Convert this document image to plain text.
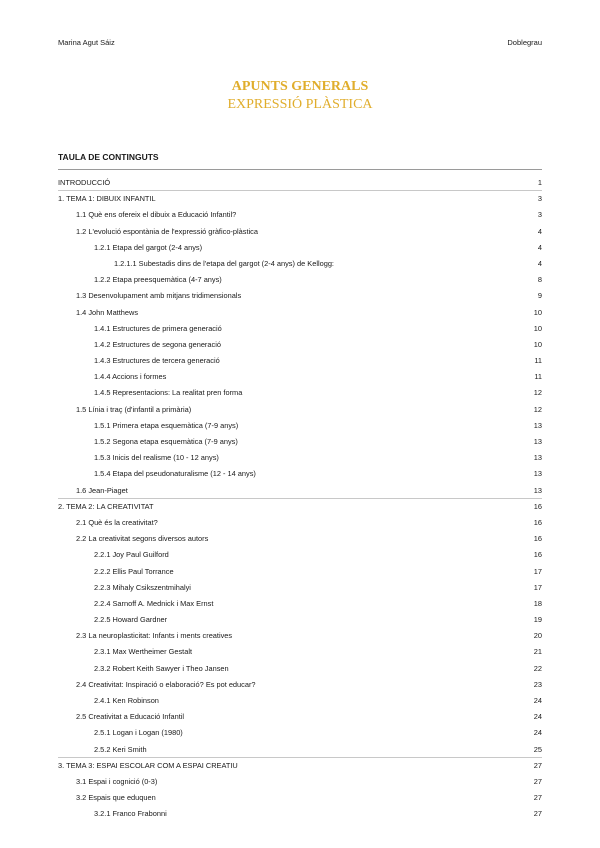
Marina Agut Sáiz	Doblegrau
APUNTS GENERALS
EXPRESSIÓ PLÀSTICA
TAULA DE CONTINGUTS
INTRODUCCIÓ	1
1. TEMA 1: DIBUIX INFANTIL	3
1.1 Què ens ofereix el dibuix a Educació Infantil?	3
1.2 L'evolució espontània de l'expressió gràfico-plàstica	4
1.2.1 Etapa del gargot (2-4 anys)	4
1.2.1.1 Subestadis dins de l'etapa del gargot (2-4 anys) de Kellogg:	4
1.2.2 Etapa preesquemàtica (4-7 anys)	8
1.3 Desenvolupament amb mitjans tridimensionals	9
1.4 John Matthews	10
1.4.1 Estructures de primera generació	10
1.4.2 Estructures de segona generació	10
1.4.3 Estructures de tercera generació	11
1.4.4 Accions i formes	11
1.4.5 Representacions: La realitat pren forma	12
1.5 Línia i traç (d'infantil a primària)	12
1.5.1 Primera etapa esquemàtica (7-9 anys)	13
1.5.2 Segona etapa esquemàtica (7-9 anys)	13
1.5.3 Inicis del realisme (10 - 12 anys)	13
1.5.4 Etapa del pseudonaturalisme (12 - 14 anys)	13
1.6 Jean-Piaget	13
2. TEMA 2: LA CREATIVITAT	16
2.1 Què és la creativitat?	16
2.2 La creativitat segons diversos autors	16
2.2.1 Joy Paul Guilford	16
2.2.2 Ellis Paul Torrance	17
2.2.3 Mihaly Csikszentmihalyi	17
2.2.4 Sarnoff A. Mednick i Max Ernst	18
2.2.5 Howard Gardner	19
2.3 La neuroplasticitat: Infants i ments creatives	20
2.3.1 Max Wertheimer Gestalt	21
2.3.2 Robert Keith Sawyer i Theo Jansen	22
2.4 Creativitat: Inspiració o elaboració? Es pot educar?	23
2.4.1 Ken Robinson	24
2.5 Creativitat a Educació Infantil	24
2.5.1 Logan i Logan (1980)	24
2.5.2 Keri Smith	25
3. TEMA 3: ESPAI ESCOLAR COM A ESPAI CREATIU	27
3.1 Espai i cognició (0-3)	27
3.2 Espais que eduquen	27
3.2.1 Franco Frabonni	27
